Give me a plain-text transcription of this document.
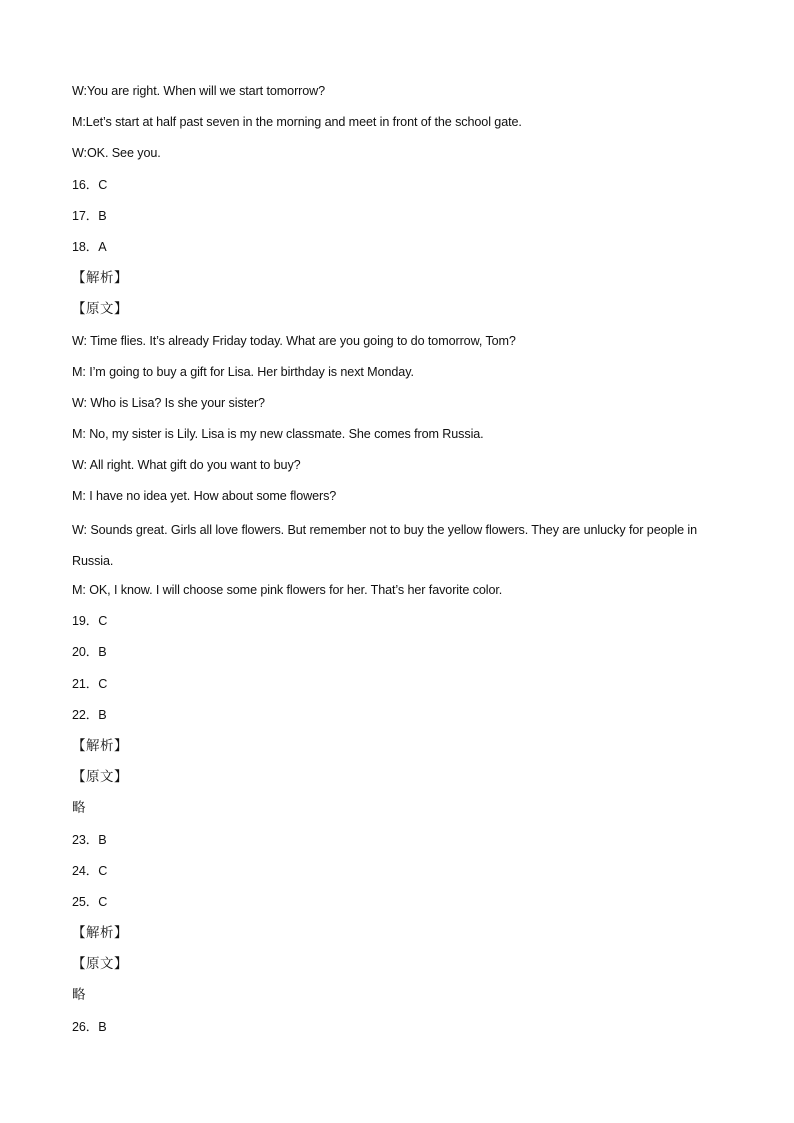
W:You are right. When will we start tomorrow?
M:Let’s start at half past seven in the morning and meet in front of the school gate.
W:OK. See you.
16．C
17．B
18．A
【解析】
【原文】
W: Time flies. It’s already Friday today. What are you going to do tomorrow, Tom?
M: I’m going to buy a gift for Lisa. Her birthday is next Monday.
W: Who is Lisa? Is she your sister?
M: No, my sister is Lily. Lisa is my new classmate. She comes from Russia.
W: All right. What gift do you want to buy?
M: I have no idea yet. How about some flowers?
W: Sounds great. Girls all love flowers. But remember not to buy the yellow flowers. They are unlucky for people in Russia.
M: OK, I know. I will choose some pink flowers for her. That’s her favorite color.
19．C
20．B
21．C
22．B
【解析】
【原文】
略
23．B
24．C
25．C
【解析】
【原文】
略
26．B
